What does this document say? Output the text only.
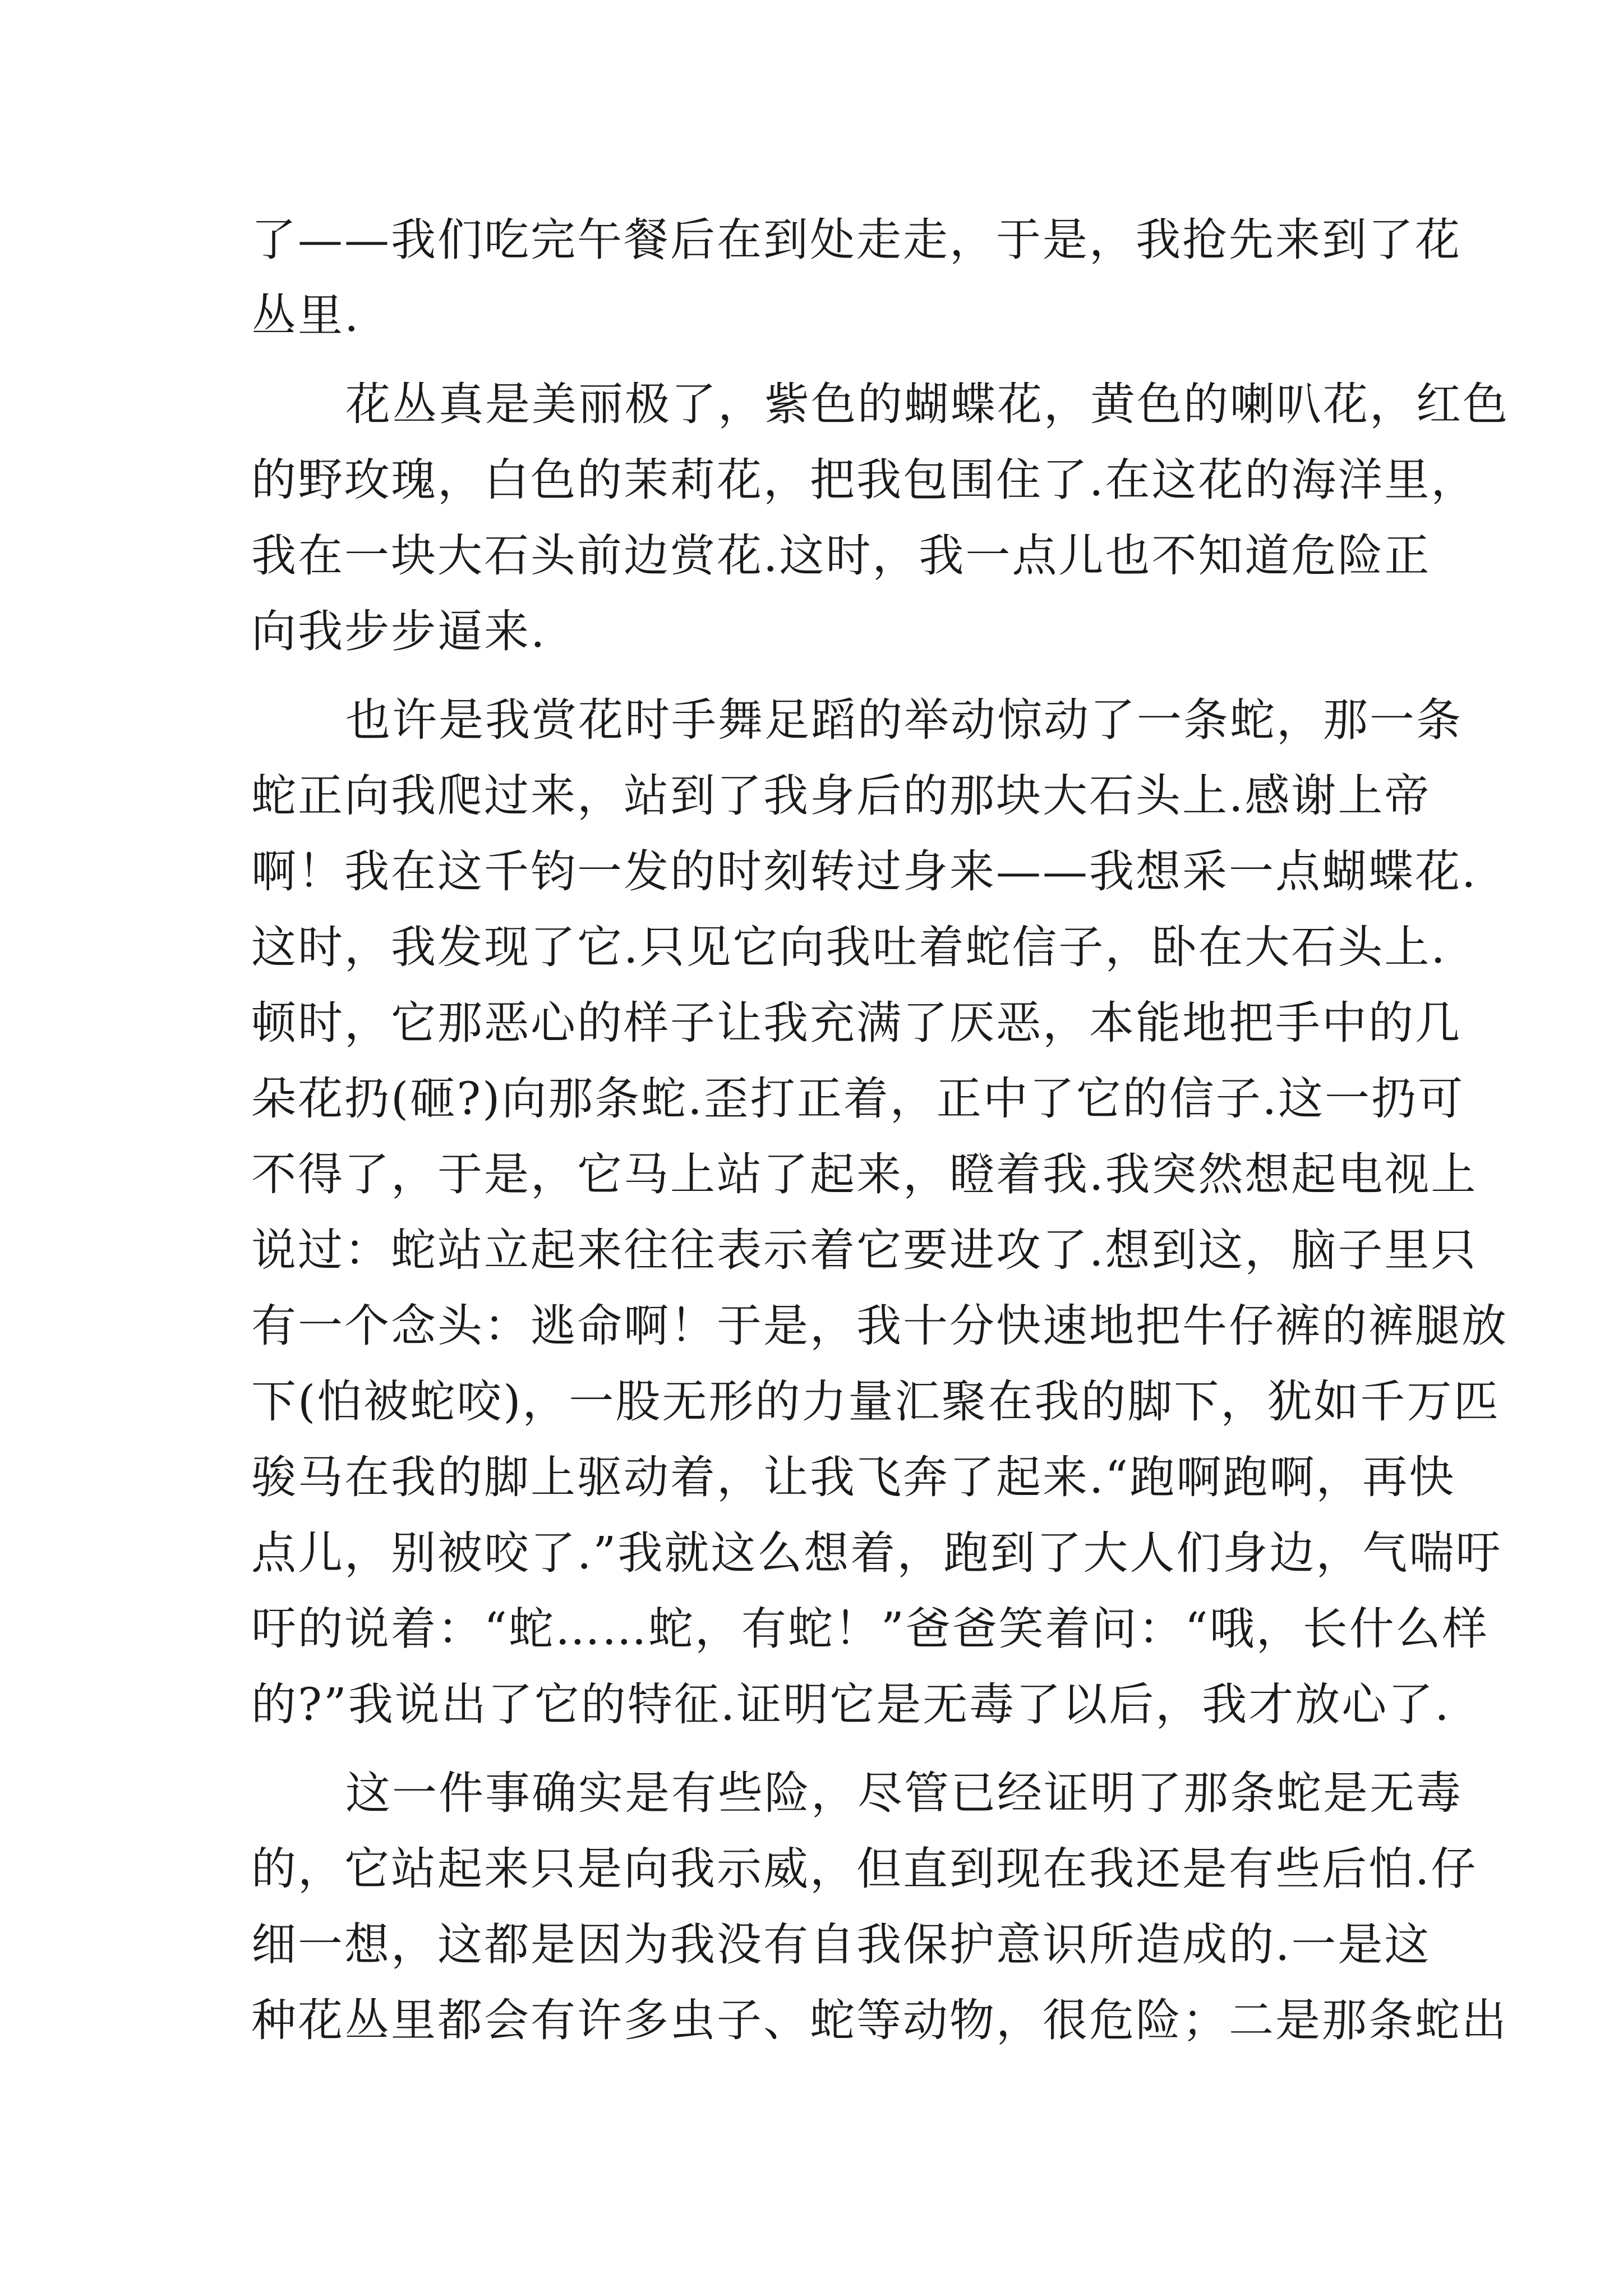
了——我们吃完午餐后在到处走走，于是，我抢先来到了花
丛里.
花丛真是美丽极了，紫色的蝴蝶花，黄色的喇叭花，红色
的野玫瑰，白色的茉莉花，把我包围住了.在这花的海洋里，
我在一块大石头前边赏花.这时，我一点儿也不知道危险正
向我步步逼来.
也许是我赏花时手舞足蹈的举动惊动了一条蛇，那一条
蛇正向我爬过来，站到了我身后的那块大石头上.感谢上帝
啊！我在这千钧一发的时刻转过身来——我想采一点蝴蝶花.
这时，我发现了它.只见它向我吐着蛇信子，卧在大石头上.
顿时，它那恶心的样子让我充满了厌恶，本能地把手中的几
朵花扔(砸?)向那条蛇.歪打正着，正中了它的信子.这一扔可
不得了，于是，它马上站了起来，瞪着我.我突然想起电视上
说过：蛇站立起来往往表示着它要进攻了.想到这，脑子里只
有一个念头：逃命啊！于是，我十分快速地把牛仔裤的裤腿放
下(怕被蛇咬)，一股无形的力量汇聚在我的脚下，犹如千万匹
骏马在我的脚上驱动着，让我飞奔了起来.“跑啊跑啊，再快
点儿，别被咬了.”我就这么想着，跑到了大人们身边，气喘吁
吁的说着：“蛇……蛇，有蛇！”爸爸笑着问：“哦，长什么样
的?”我说出了它的特征.证明它是无毒了以后，我才放心了.
这一件事确实是有些险，尽管已经证明了那条蛇是无毒
的，它站起来只是向我示威，但直到现在我还是有些后怕.仔
细一想，这都是因为我没有自我保护意识所造成的.一是这
种花丛里都会有许多虫子、蛇等动物，很危险；二是那条蛇出
